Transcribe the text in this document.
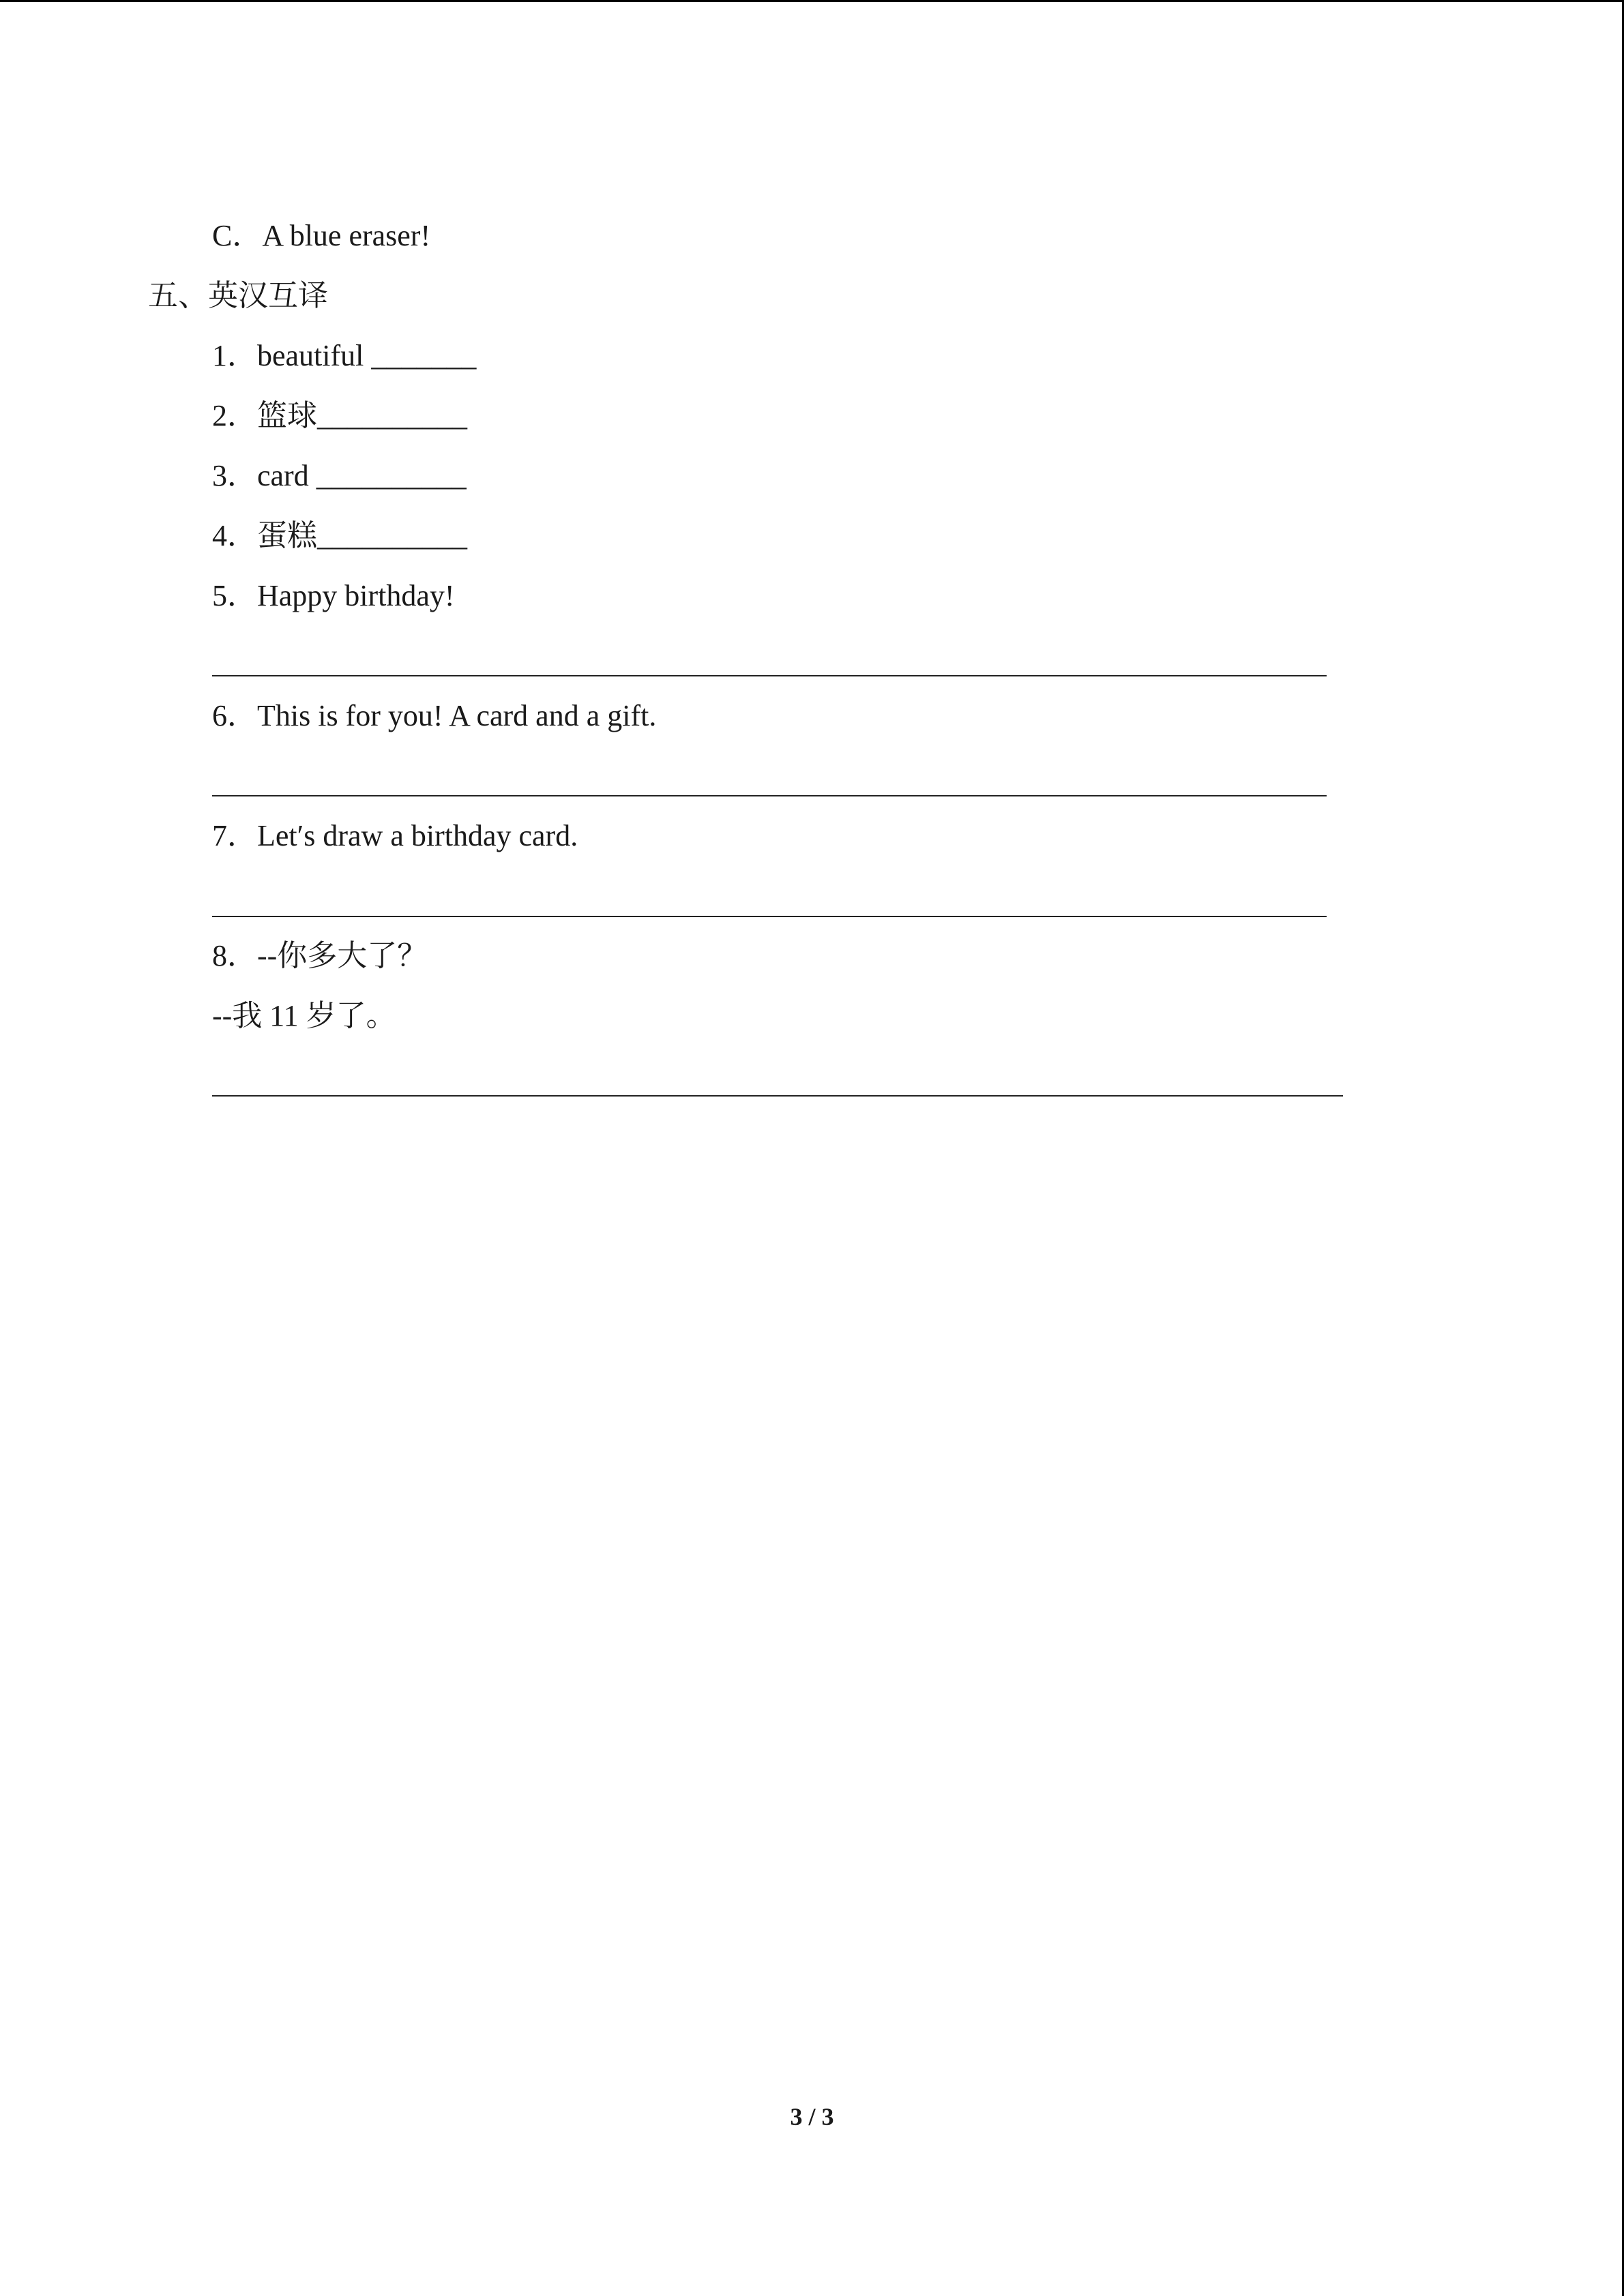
C．A blue eraser!
五、英汉互译
1．beautiful _______
2．篮球__________
3．card __________
4．蛋糕__________
5．Happy birthday!
6．This is for you! A card and a gift.
7．Let′s draw a birthday card.
8．--你多大了？
--我 11 岁了。
3 / 3
